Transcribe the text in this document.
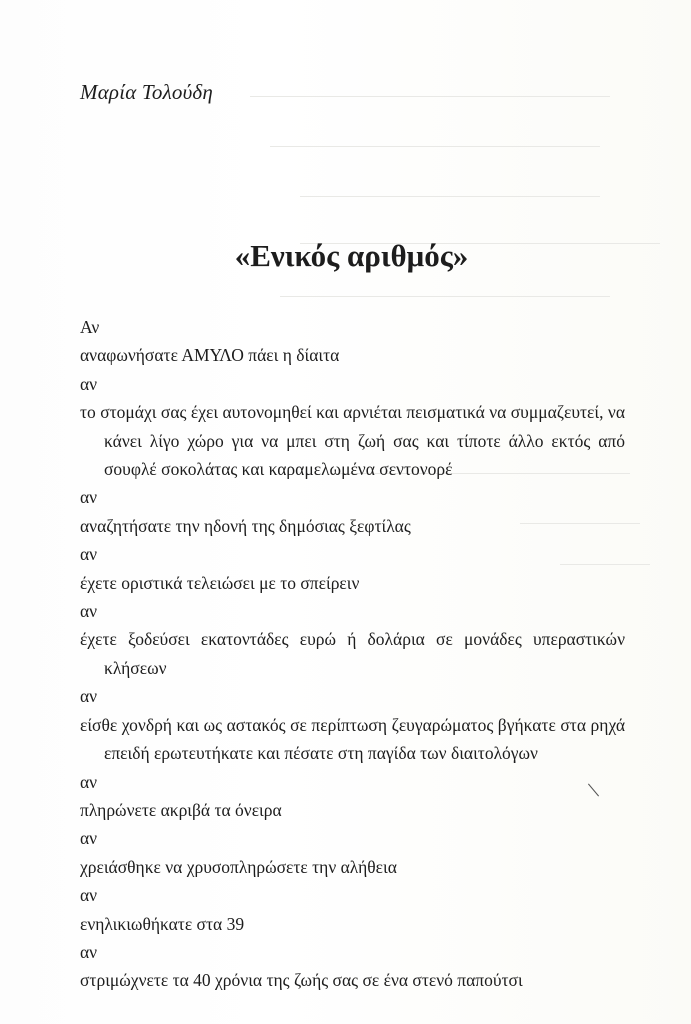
Μαρία Τολούδη
«Ενικός αριθμός»
Αν
αναφωνήσατε ΑΜΥΛΟ πάει η δίαιτα
αν
το στομάχι σας έχει αυτονομηθεί και αρνιέται πεισματικά να συμμαζευτεί, να κάνει λίγο χώρο για να μπει στη ζωή σας και τίποτε άλλο εκτός από σουφλέ σοκολάτας και καραμελωμένα σεντονορέ
αν
αναζητήσατε την ηδονή της δημόσιας ξεφτίλας
αν
έχετε οριστικά τελειώσει με το σπείρειν
αν
έχετε ξοδεύσει εκατοντάδες ευρώ ή δολάρια σε μονάδες υπεραστικών κλήσεων
αν
είσθε χονδρή και ως αστακός σε περίπτωση ζευγαρώματος βγήκατε στα ρηχά επειδή ερωτευτήκατε και πέσατε στη παγίδα των διαιτολόγων
αν
πληρώνετε ακριβά τα όνειρα
αν
χρειάσθηκε να χρυσοπληρώσετε την αλήθεια
αν
ενηλικιωθήκατε στα 39
αν
στριμώχνετε τα 40 χρόνια της ζωής σας σε ένα στενό παπούτσι
